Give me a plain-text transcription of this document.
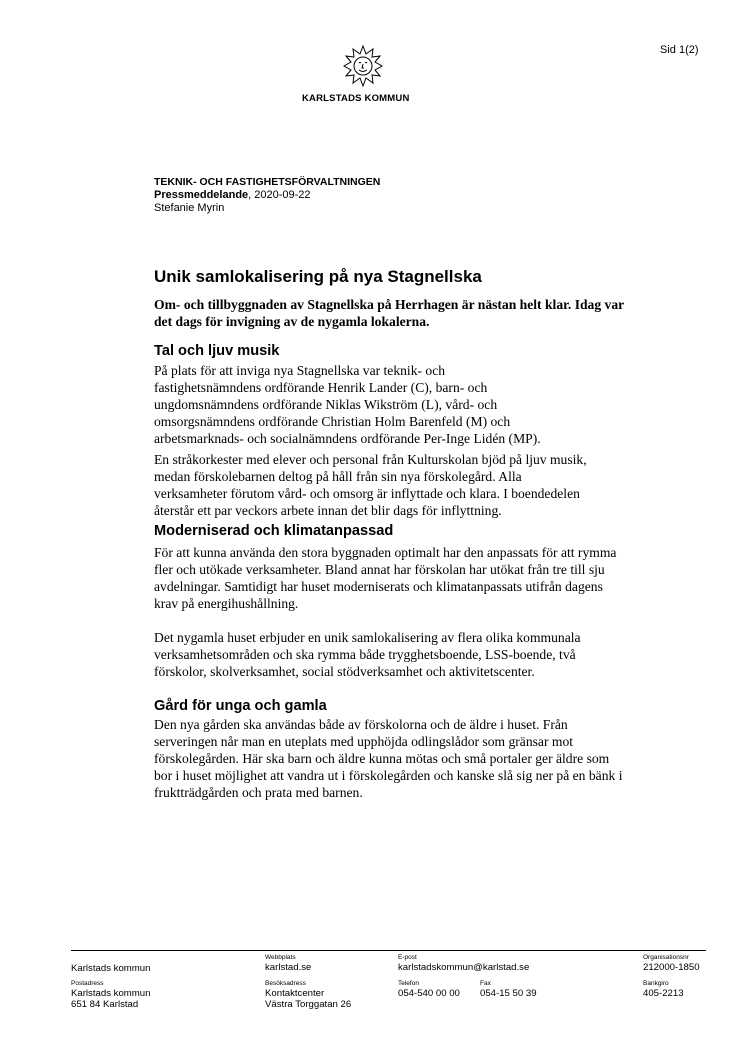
Sid 1(2)
KARLSTADS KOMMUN
TEKNIK- OCH FASTIGHETSFÖRVALTNINGEN
Pressmeddelande, 2020-09-22
Stefanie Myrin
Unik samlokalisering på nya Stagnellska

Om- och tillbyggnaden av Stagnellska på Herrhagen är nästan helt klar. Idag var det dags för invigning av de nygamla lokalerna.

Tal och ljuv musik

På plats för att inviga nya Stagnellska var teknik- och fastighetsnämndens ordförande Henrik Lander (C), barn- och ungdomsnämndens ordförande Niklas Wikström (L), vård- och omsorgsnämndens ordförande Christian Holm Barenfeld (M) och arbetsmarknads- och socialnämndens ordförande Per-Inge Lidén (MP).

En stråkorkester med elever och personal från Kulturskolan bjöd på ljuv musik, medan förskolebarnen deltog på håll från sin nya förskolegård. Alla verksamheter förutom vård- och omsorg är inflyttade och klara. I boendedelen återstår ett par veckors arbete innan det blir dags för inflyttning.

Moderniserad och klimatanpassad

För att kunna använda den stora byggnaden optimalt har den anpassats för att rymma fler och utökade verksamheter. Bland annat har förskolan har utökat från tre till sju avdelningar. Samtidigt har huset moderniserats och klimatanpassats utifrån dagens krav på energihushållning.

Det nygamla huset erbjuder en unik samlokalisering av flera olika kommunala verksamhetsområden och ska rymma både trygghetsboende, LSS-boende, två förskolor, skolverksamhet, social stödverksamhet och aktivitetscenter.

Gård för unga och gamla

Den nya gården ska användas både av förskolorna och de äldre i huset. Från serveringen når man en uteplats med upphöjda odlingslådor som gränsar mot förskolegården. Här ska barn och äldre kunna mötas och små portaler ger äldre som bor i huset möjlighet att vandra ut i förskolegården och kanske slå sig ner på en bänk i fruktträdgården och prata med barnen.

Karlstads kommun
Webbplats
karlstad.se
E-post
karlstadskommun@karlstad.se
Organisationsnr
212000-1850
Postadress
Karlstads kommun
651 84 Karlstad
Besöksadress
Kontaktcenter
Västra Torggatan 26
Telefon
054-540 00 00
Fax
054-15 50 39
Bankgiro
405-2213
